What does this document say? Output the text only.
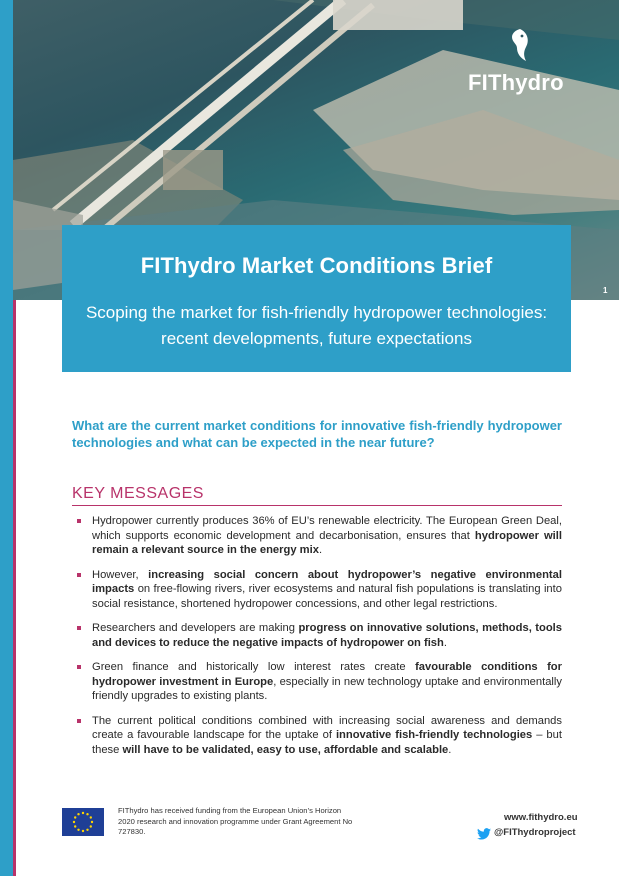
FIThydro
1
FIThydro Market Conditions Brief
Scoping the market for fish-friendly hydropower technologies: recent developments, future expectations
What are the current market conditions for innovative fish-friendly hydropower technologies and what can be expected in the near future?
KEY MESSAGES
Hydropower currently produces 36% of EU’s renewable electricity. The European Green Deal, which supports economic development and decarbonisation, ensures that hydropower will remain a relevant source in the energy mix.
However, increasing social concern about hydropower’s negative environmental impacts on free-flowing rivers, river ecosystems and natural fish populations is translating into social resistance, shortened hydropower concessions, and other legal restrictions.
Researchers and developers are making progress on innovative solutions, methods, tools and devices to reduce the negative impacts of hydropower on fish.
Green finance and historically low interest rates create favourable conditions for hydropower investment in Europe, especially in new technology uptake and environmentally friendly upgrades to existing plants.
The current political conditions combined with increasing social awareness and demands create a favourable landscape for the uptake of innovative fish-friendly technologies – but these will have to be validated, easy to use, affordable and scalable.
FIThydro has received funding from the European Union’s Horizon 2020 research and innovation programme under Grant Agreement No 727830.
www.fithydro.eu
@FIThydroproject
